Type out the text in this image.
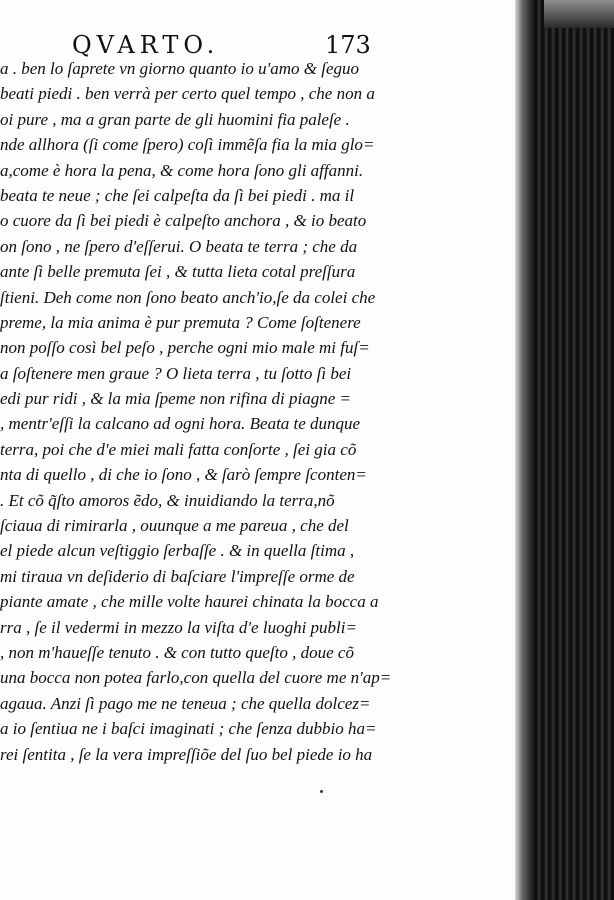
QVARTO.	173
a . ben lo ſaprete vn giorno quanto io u'amo & ſeguo
beati piedi . ben verrà per certo quel tempo , che non a
oi pure , ma a gran parte de gli huomini fia paleſe .
nde allhora (ſi come ſpero) coſì immẽſa fia la mia glo=
a,come è hora la pena, & come hora ſono gli affanni.
beata te neue ; che ſei calpeſta da ſì bei piedi . ma il
o cuore da ſì bei piedi è calpeſto anchora , & io beato
on ſono , ne ſpero d'eſſerui. O beata te terra ; che da
ante ſì belle premuta ſei , & tutta lieta cotal preſſura
ſtieni. Deh come non ſono beato anch'io,ſe da colei che
preme, la mia anima è pur premuta ? Come ſoſtenere
non poſſo così bel peſo , perche ogni mio male mi fuſ=
a ſoſtenere men graue ? O lieta terra , tu ſotto ſì bei
edi pur ridi , & la mia ſpeme non rifina di piagne =
, mentr'eſſi la calcano ad ogni hora. Beata te dunque
terra, poi che d'e miei mali fatta conſorte , ſei gia cõ
nta di quello , di che io ſono , & ſarò ſempre ſconten=
. Et cõ q̃ſto amoros ẽdo, & inuidiando la terra,nõ
ſciaua di rimirarla , ouunque a me pareua , che del
el piede alcun veſtiggio ſerbaſſe . & in quella ſtima ,
mi tiraua vn deſiderio di baſciare l'impreſſe orme de
piante amate , che mille volte haurei chinata la bocca a
rra , ſe il vedermi in mezzo la viſta d'e luoghi publi=
, non m'haueſſe tenuto . & con tutto queſto , doue cõ
una bocca non potea farlo,con quella del cuore me n'ap=
agaua. Anzi ſì pago me ne teneua ; che quella dolcez=
a io ſentiua ne i baſci imaginati ; che ſenza dubbio ha=
rei ſentita , ſe la vera impreſſiõe del ſuo bel piede io ha
